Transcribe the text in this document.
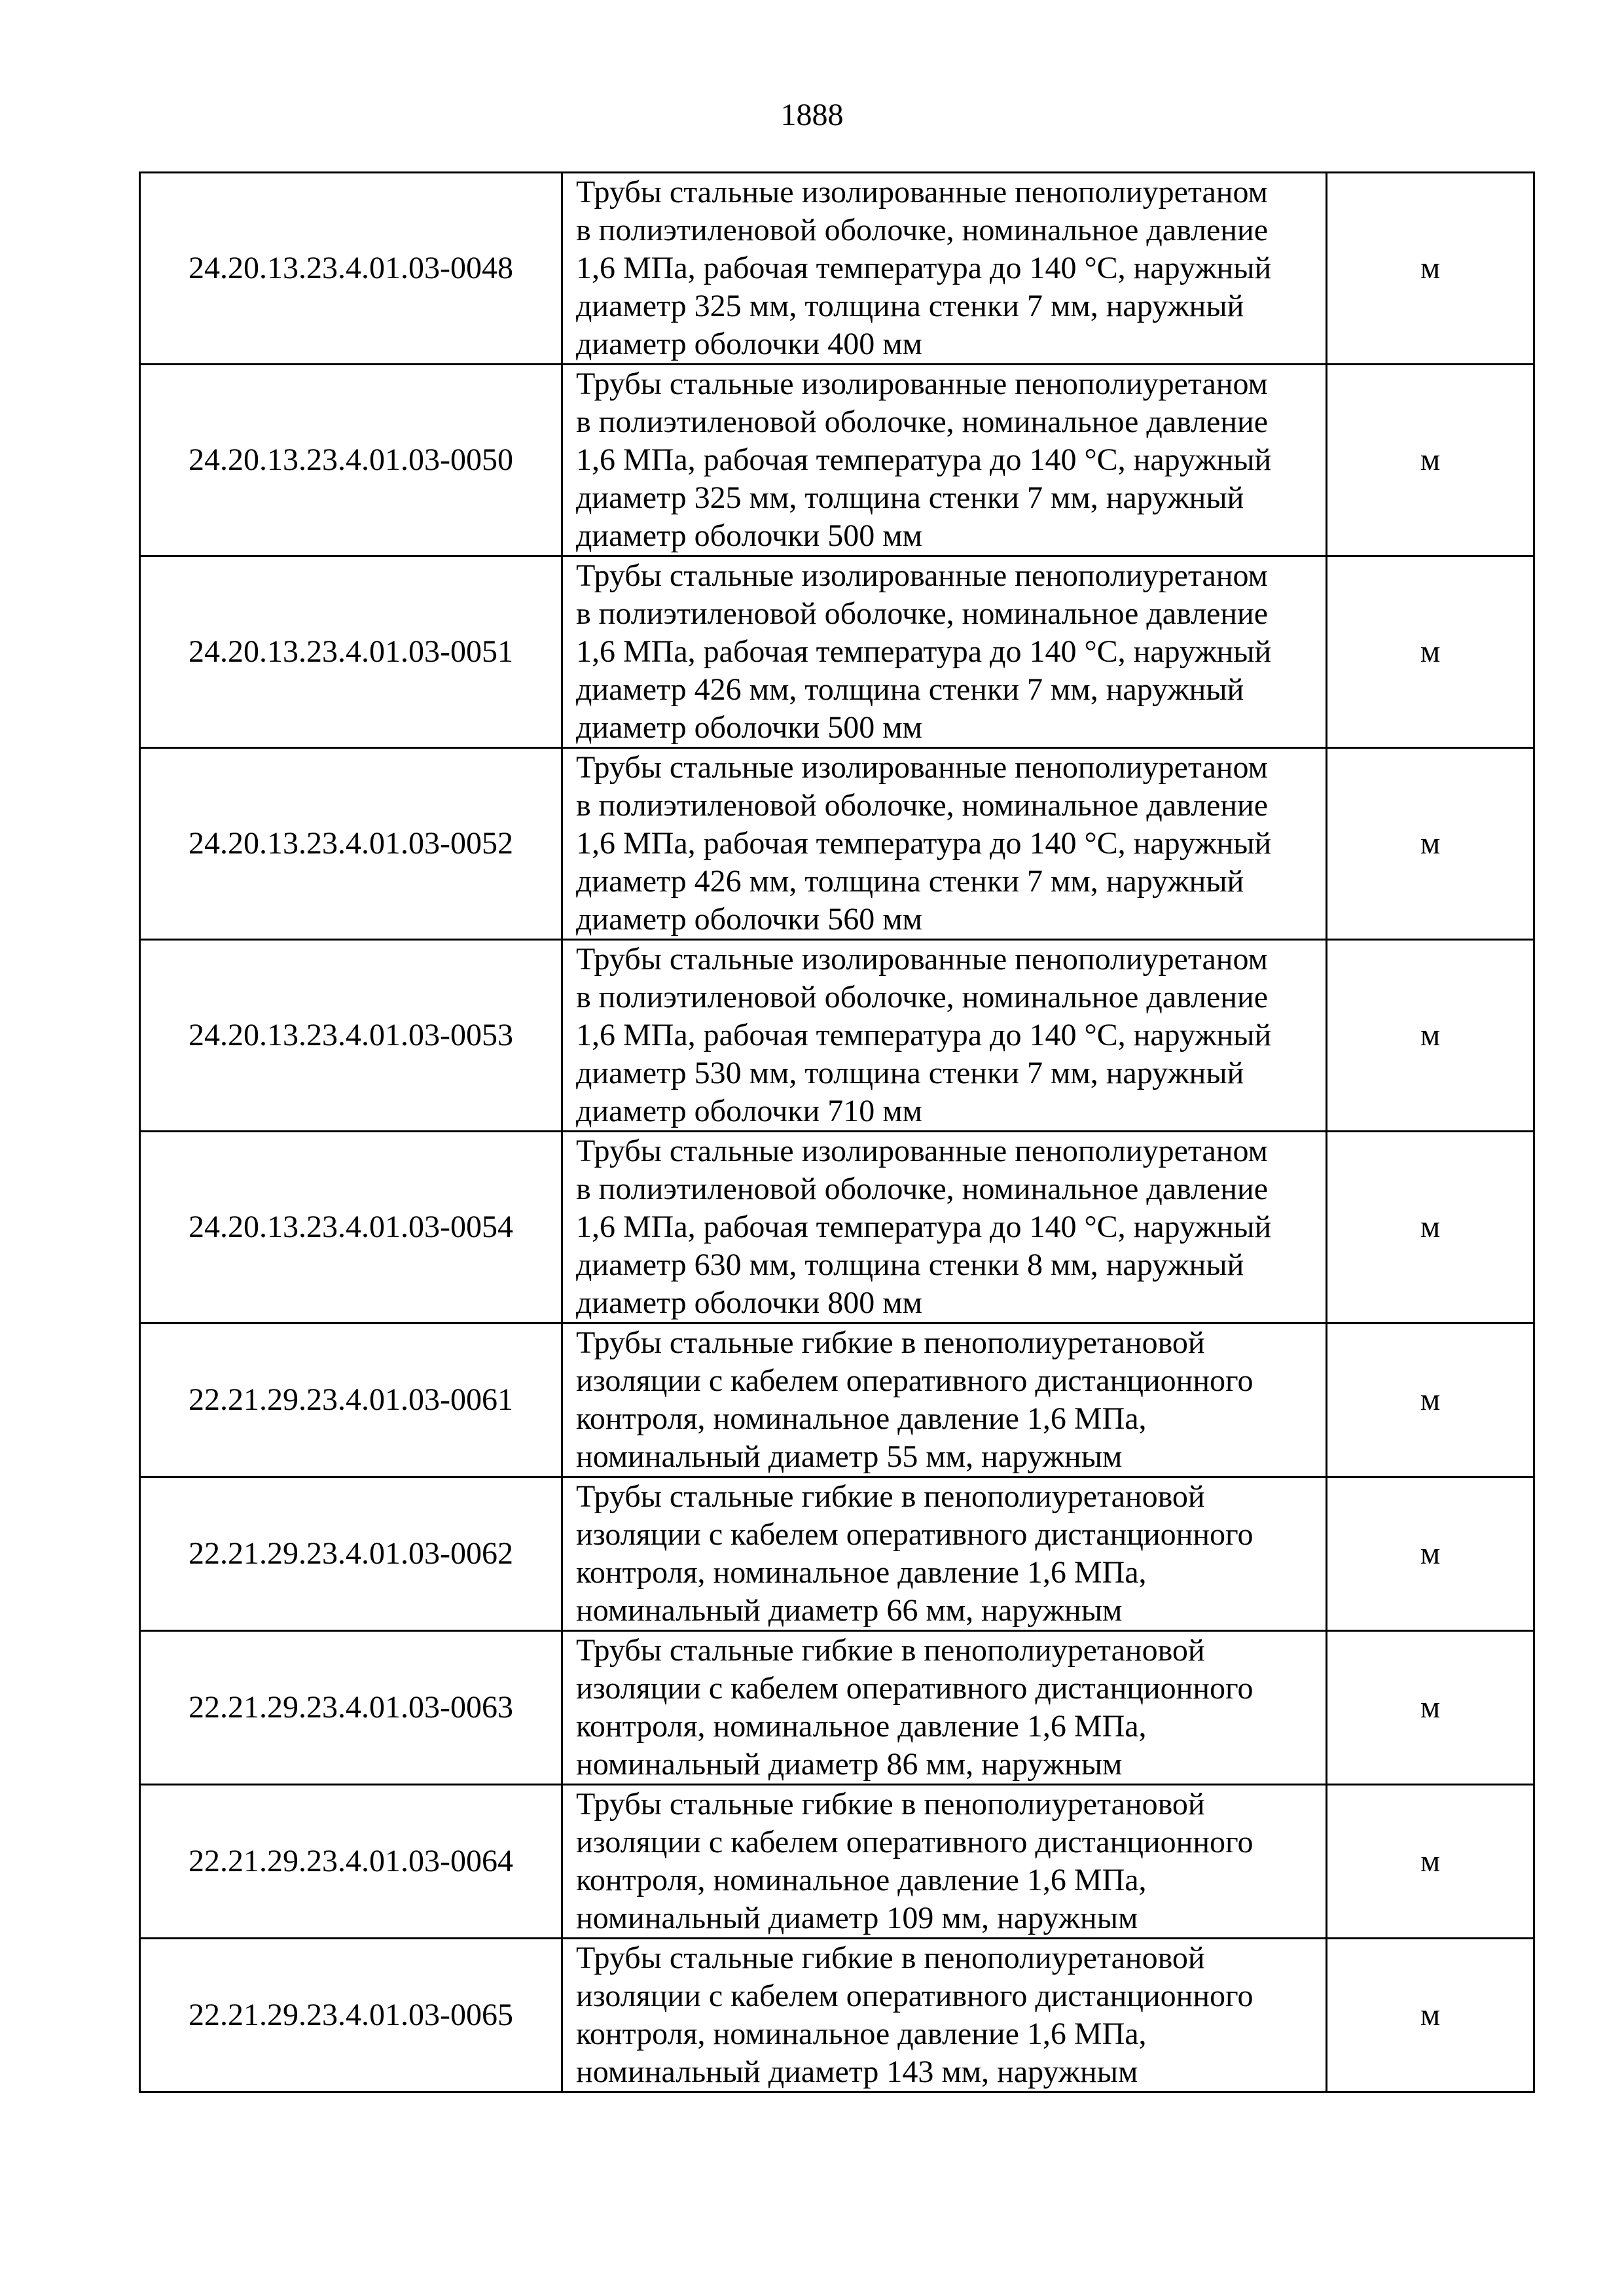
1888
24.20.13.23.4.01.03-0048	Трубы стальные изолированные пенополиуретаном
в полиэтиленовой оболочке, номинальное давление
1,6 МПа, рабочая температура до 140 °С, наружный
диаметр 325 мм, толщина стенки 7 мм, наружный
диаметр оболочки 400 мм	м
24.20.13.23.4.01.03-0050	Трубы стальные изолированные пенополиуретаном
в полиэтиленовой оболочке, номинальное давление
1,6 МПа, рабочая температура до 140 °С, наружный
диаметр 325 мм, толщина стенки 7 мм, наружный
диаметр оболочки 500 мм	м
24.20.13.23.4.01.03-0051	Трубы стальные изолированные пенополиуретаном
в полиэтиленовой оболочке, номинальное давление
1,6 МПа, рабочая температура до 140 °С, наружный
диаметр 426 мм, толщина стенки 7 мм, наружный
диаметр оболочки 500 мм	м
24.20.13.23.4.01.03-0052	Трубы стальные изолированные пенополиуретаном
в полиэтиленовой оболочке, номинальное давление
1,6 МПа, рабочая температура до 140 °С, наружный
диаметр 426 мм, толщина стенки 7 мм, наружный
диаметр оболочки 560 мм	м
24.20.13.23.4.01.03-0053	Трубы стальные изолированные пенополиуретаном
в полиэтиленовой оболочке, номинальное давление
1,6 МПа, рабочая температура до 140 °С, наружный
диаметр 530 мм, толщина стенки 7 мм, наружный
диаметр оболочки 710 мм	м
24.20.13.23.4.01.03-0054	Трубы стальные изолированные пенополиуретаном
в полиэтиленовой оболочке, номинальное давление
1,6 МПа, рабочая температура до 140 °С, наружный
диаметр 630 мм, толщина стенки 8 мм, наружный
диаметр оболочки 800 мм	м
22.21.29.23.4.01.03-0061	Трубы стальные гибкие в пенополиуретановой
изоляции с кабелем оперативного дистанционного
контроля, номинальное давление 1,6 МПа,
номинальный диаметр 55 мм, наружным	м
22.21.29.23.4.01.03-0062	Трубы стальные гибкие в пенополиуретановой
изоляции с кабелем оперативного дистанционного
контроля, номинальное давление 1,6 МПа,
номинальный диаметр 66 мм, наружным	м
22.21.29.23.4.01.03-0063	Трубы стальные гибкие в пенополиуретановой
изоляции с кабелем оперативного дистанционного
контроля, номинальное давление 1,6 МПа,
номинальный диаметр 86 мм, наружным	м
22.21.29.23.4.01.03-0064	Трубы стальные гибкие в пенополиуретановой
изоляции с кабелем оперативного дистанционного
контроля, номинальное давление 1,6 МПа,
номинальный диаметр 109 мм, наружным	м
22.21.29.23.4.01.03-0065	Трубы стальные гибкие в пенополиуретановой
изоляции с кабелем оперативного дистанционного
контроля, номинальное давление 1,6 МПа,
номинальный диаметр 143 мм, наружным	м
